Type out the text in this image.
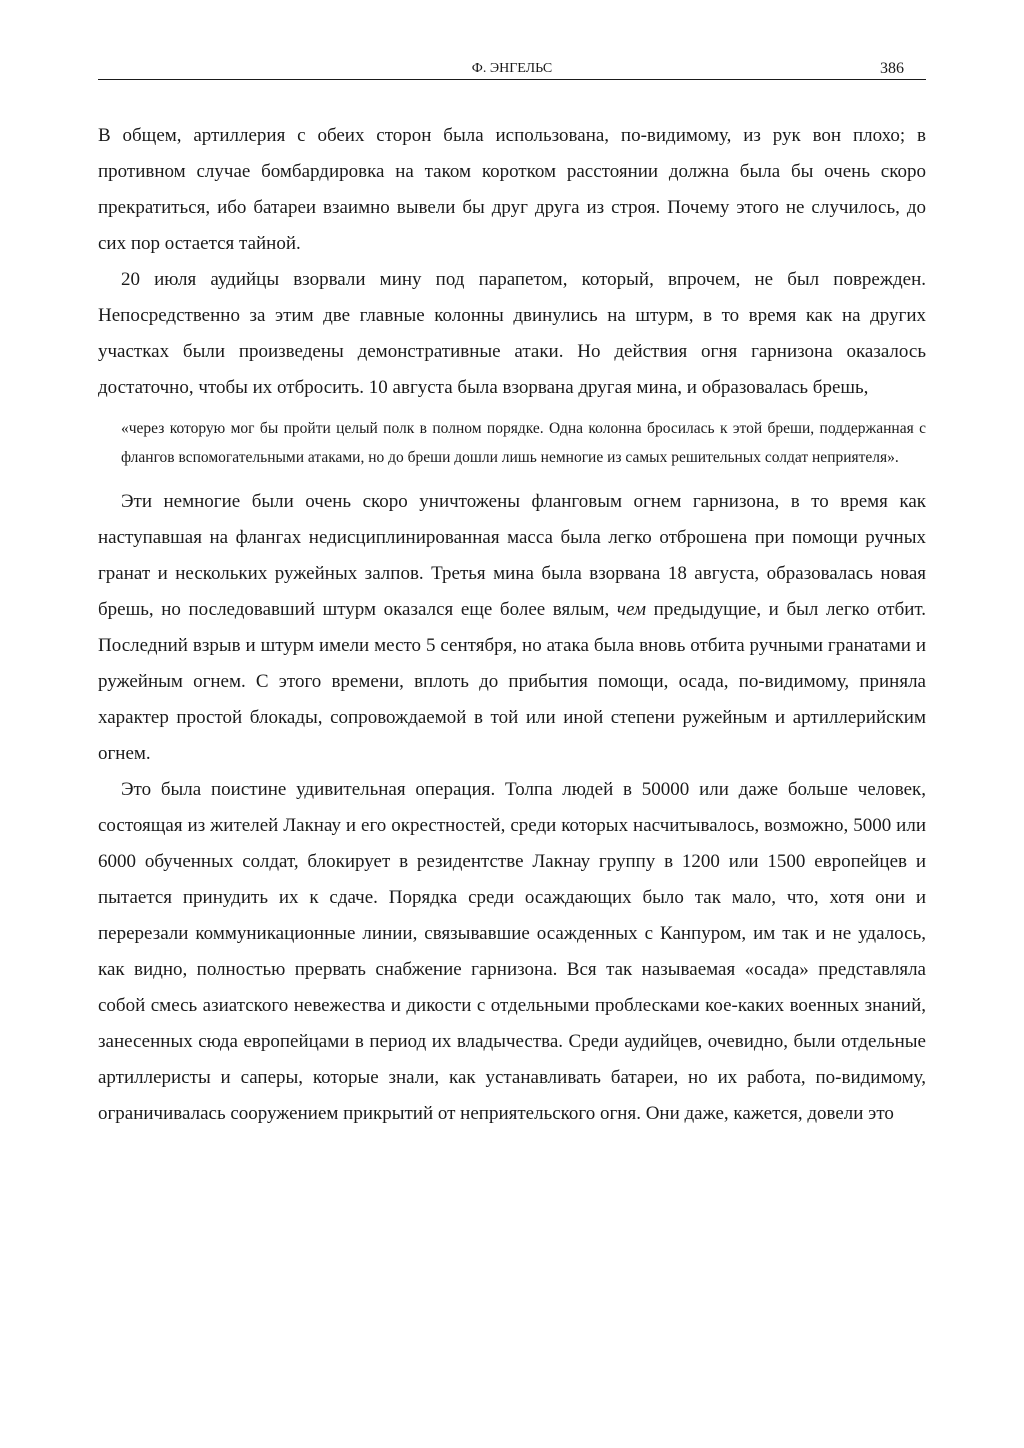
Ф. ЭНГЕЛЬС	386

В общем, артиллерия с обеих сторон была использована, по-видимому, из рук вон плохо; в противном случае бомбардировка на таком коротком расстоянии должна была бы очень скоро прекратиться, ибо батареи взаимно вывели бы друг друга из строя. Почему этого не случилось, до сих пор остается тайной.

20 июля аудийцы взорвали мину под парапетом, который, впрочем, не был поврежден. Непосредственно за этим две главные колонны двинулись на штурм, в то время как на других участках были произведены демонстративные атаки. Но действия огня гарнизона оказалось достаточно, чтобы их отбросить. 10 августа была взорвана другая мина, и образовалась брешь,

«через которую мог бы пройти целый полк в полном порядке. Одна колонна бросилась к этой бреши, поддержанная с флангов вспомогательными атаками, но до бреши дошли лишь немногие из самых решительных солдат неприятеля».

Эти немногие были очень скоро уничтожены фланговым огнем гарнизона, в то время как наступавшая на флангах недисциплинированная масса была легко отброшена при помощи ручных гранат и нескольких ружейных залпов. Третья мина была взорвана 18 августа, образовалась новая брешь, но последовавший штурм оказался еще более вялым, чем предыдущие, и был легко отбит. Последний взрыв и штурм имели место 5 сентября, но атака была вновь отбита ручными гранатами и ружейным огнем. С этого времени, вплоть до прибытия помощи, осада, по-видимому, приняла характер простой блокады, сопровождаемой в той или иной степени ружейным и артиллерийским огнем.

Это была поистине удивительная операция. Толпа людей в 50000 или даже больше человек, состоящая из жителей Лакнау и его окрестностей, среди которых насчитывалось, возможно, 5000 или 6000 обученных солдат, блокирует в резидентстве Лакнау группу в 1200 или 1500 европейцев и пытается принудить их к сдаче. Порядка среди осаждающих было так мало, что, хотя они и перерезали коммуникационные линии, связывавшие осажденных с Канпуром, им так и не удалось, как видно, полностью прервать снабжение гарнизона. Вся так называемая «осада» представляла собой смесь азиатского невежества и дикости с отдельными проблесками кое-каких военных знаний, занесенных сюда европейцами в период их владычества. Среди аудийцев, очевидно, были отдельные артиллеристы и саперы, которые знали, как устанавливать батареи, но их работа, по-видимому, ограничивалась сооружением прикрытий от неприятельского огня. Они даже, кажется, довели это
